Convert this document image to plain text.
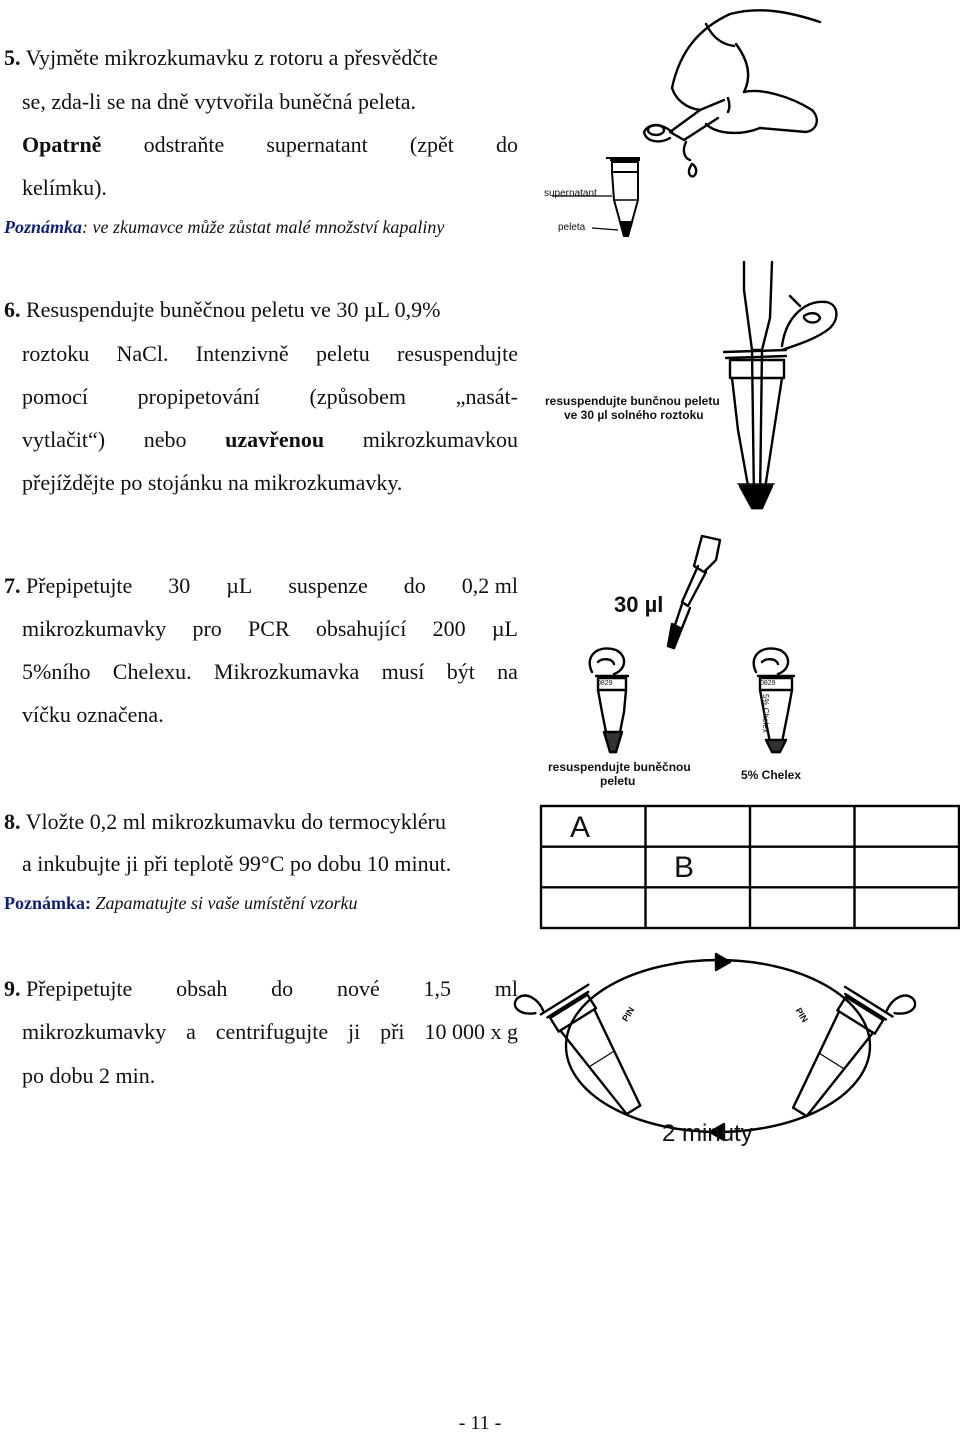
5. Vyjměte mikrozkumavku z rotoru a přesvědčte
se, zda-li se na dně vytvořila buněčná peleta.
Opatrně odstraňte supernatant (zpět do
kelímku).
Poznámka: ve zkumavce může zůstat malé množství kapaliny
6. Resuspendujte buněčnou peletu ve 30 µL 0,9%
roztoku NaCl. Intenzivně peletu resuspendujte
pomocí propipetování (způsobem „nasát-
vytlačit“) nebo uzavřenou mikrozkumavkou
přejíždějte po stojánku na mikrozkumavky.
7. Přepipetujte 30 µL suspenze do 0,2 ml
mikrozkumavky pro PCR obsahující 200 µL
5%ního Chelexu. Mikrozkumavka musí být na
víčku označena.
8. Vložte 0,2 ml mikrozkumavku do termocykléru
a inkubujte ji při teplotě 99°C po dobu 10 minut.
Poznámka: Zapamatujte si vaše umístění vzorku
9. Přepipetujte obsah do nové 1,5 ml
mikrozkumavky a centrifugujte ji při 10 000 x g
po dobu 2 min.
supernatant
peleta
resuspendujte bunčnou peletu
ve 30 µl solného roztoku
30 µl
0829	0829
5% Chelex
resuspendujte buněčnou
peletu	5% Chelex
A
B
PIN	PIN
2 minuty
- 11 -
